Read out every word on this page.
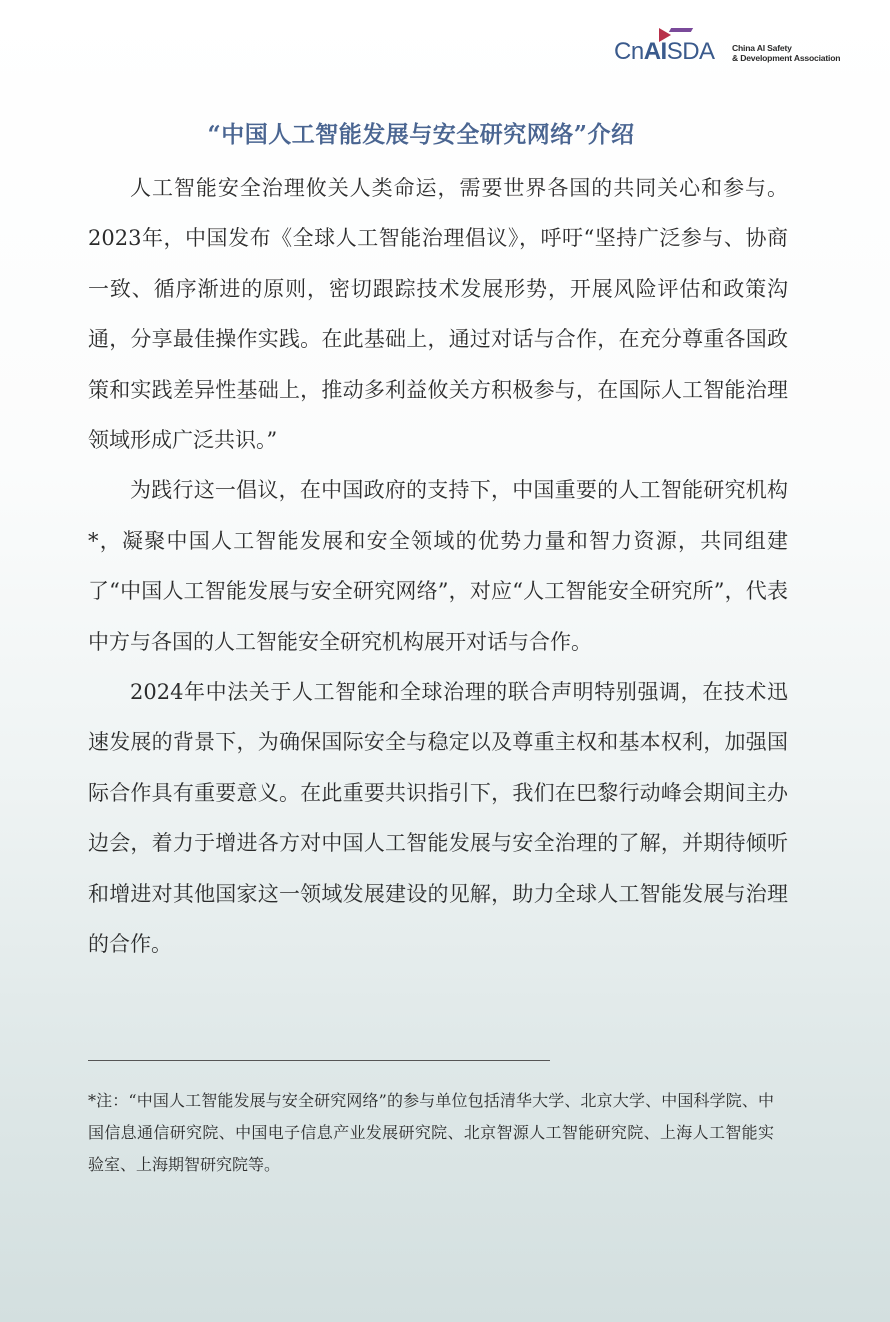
CnAISDA China AI Safety
& Development Association
“中国人工智能发展与安全研究网络”介绍

人工智能安全治理攸关人类命运，需要世界各国的共同关心和参与。2023年，中国发布《全球人工智能治理倡议》，呼吁“坚持广泛参与、协商一致、循序渐进的原则，密切跟踪技术发展形势，开展风险评估和政策沟通，分享最佳操作实践。在此基础上，通过对话与合作，在充分尊重各国政策和实践差异性基础上，推动多利益攸关方积极参与，在国际人工智能治理领域形成广泛共识。”

为践行这一倡议，在中国政府的支持下，中国重要的人工智能研究机构*，凝聚中国人工智能发展和安全领域的优势力量和智力资源，共同组建了“中国人工智能发展与安全研究网络”，对应“人工智能安全研究所”，代表中方与各国的人工智能安全研究机构展开对话与合作。

2024年中法关于人工智能和全球治理的联合声明特别强调，在技术迅速发展的背景下，为确保国际安全与稳定以及尊重主权和基本权利，加强国际合作具有重要意义。在此重要共识指引下，我们在巴黎行动峰会期间主办边会，着力于增进各方对中国人工智能发展与安全治理的了解，并期待倾听和增进对其他国家这一领域发展建设的见解，助力全球人工智能发展与治理的合作。

*注：“中国人工智能发展与安全研究网络”的参与单位包括清华大学、北京大学、中国科学院、中国信息通信研究院、中国电子信息产业发展研究院、北京智源人工智能研究院、上海人工智能实验室、上海期智研究院等。
